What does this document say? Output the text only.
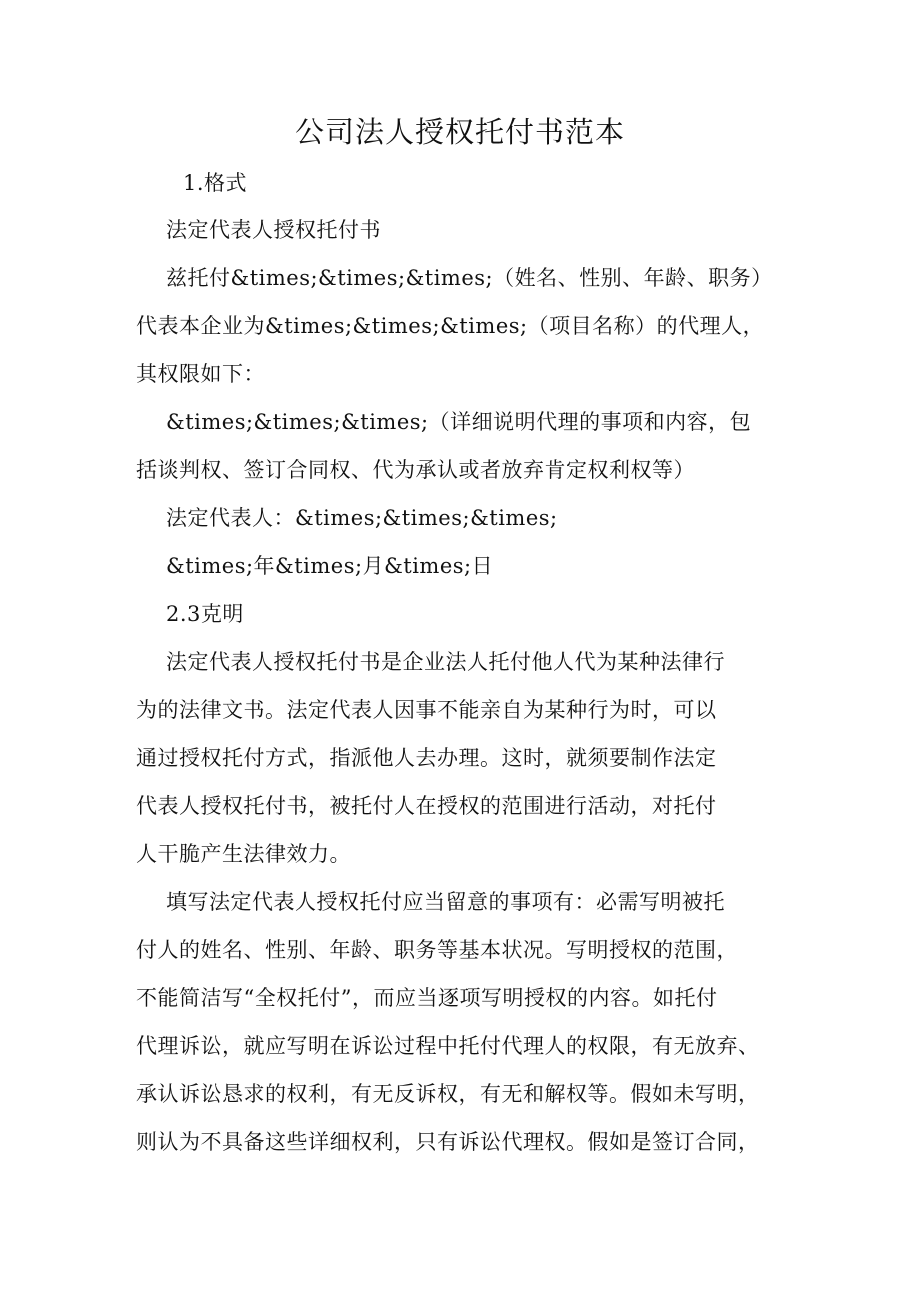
公司法人授权托付书范本
1.格式
法定代表人授权托付书
兹托付&times;&times;&times;（姓名、性别、年龄、职务）
代表本企业为&times;&times;&times;（项目名称）的代理人，
其权限如下：
&times;&times;&times;（详细说明代理的事项和内容，包
括谈判权、签订合同权、代为承认或者放弃肯定权利权等）
法定代表人：&times;&times;&times;
&times;年&times;月&times;日
2.3克明
法定代表人授权托付书是企业法人托付他人代为某种法律行
为的法律文书。法定代表人因事不能亲自为某种行为时，可以
通过授权托付方式，指派他人去办理。这时，就须要制作法定
代表人授权托付书，被托付人在授权的范围进行活动，对托付
人干脆产生法律效力。
填写法定代表人授权托付应当留意的事项有：必需写明被托
付人的姓名、性别、年龄、职务等基本状况。写明授权的范围，
不能简洁写“全权托付”，而应当逐项写明授权的内容。如托付
代理诉讼，就应写明在诉讼过程中托付代理人的权限，有无放弃、
承认诉讼恳求的权利，有无反诉权，有无和解权等。假如未写明，
则认为不具备这些详细权利，只有诉讼代理权。假如是签订合同，
